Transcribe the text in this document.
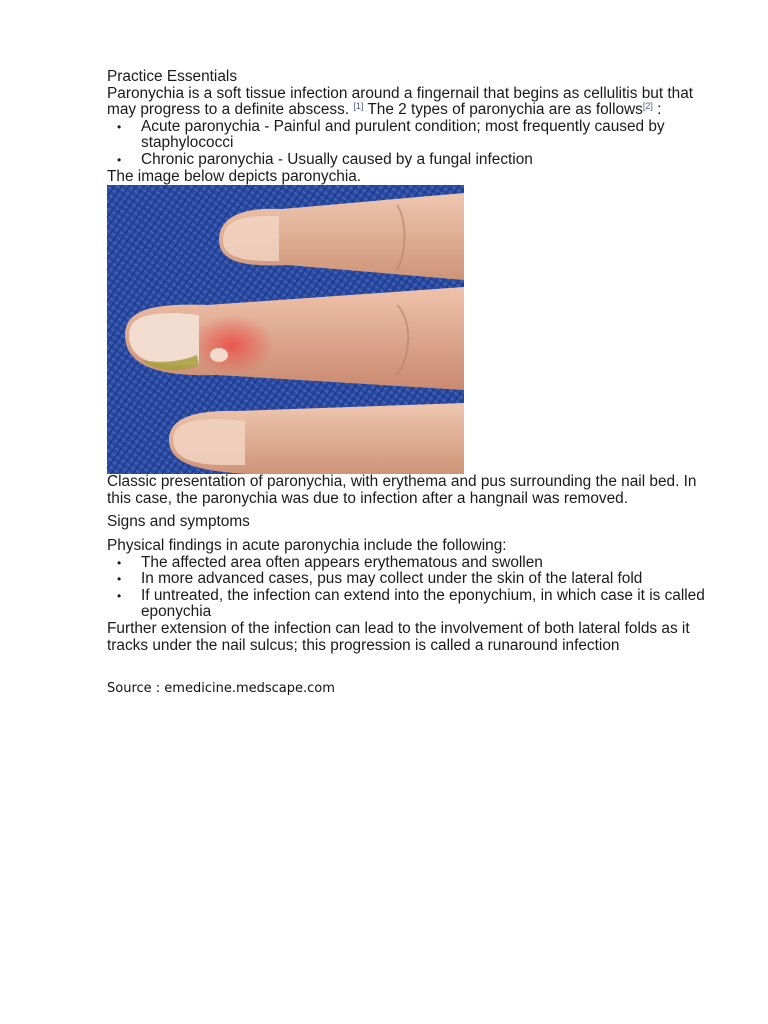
Practice Essentials

Paronychia is a soft tissue infection around a fingernail that begins as cellulitis but that may progress to a definite abscess. [1] The 2 types of paronychia are as follows[2] :

• Acute paronychia - Painful and purulent condition; most frequently caused by staphylococci
• Chronic paronychia - Usually caused by a fungal infection

The image below depicts paronychia.

Classic presentation of paronychia, with erythema and pus surrounding the nail bed. In this case, the paronychia was due to infection after a hangnail was removed.

Signs and symptoms

Physical findings in acute paronychia include the following:

• The affected area often appears erythematous and swollen
• In more advanced cases, pus may collect under the skin of the lateral fold
• If untreated, the infection can extend into the eponychium, in which case it is called eponychia

Further extension of the infection can lead to the involvement of both lateral folds as it tracks under the nail sulcus; this progression is called a runaround infection

Source : emedicine.medscape.com
